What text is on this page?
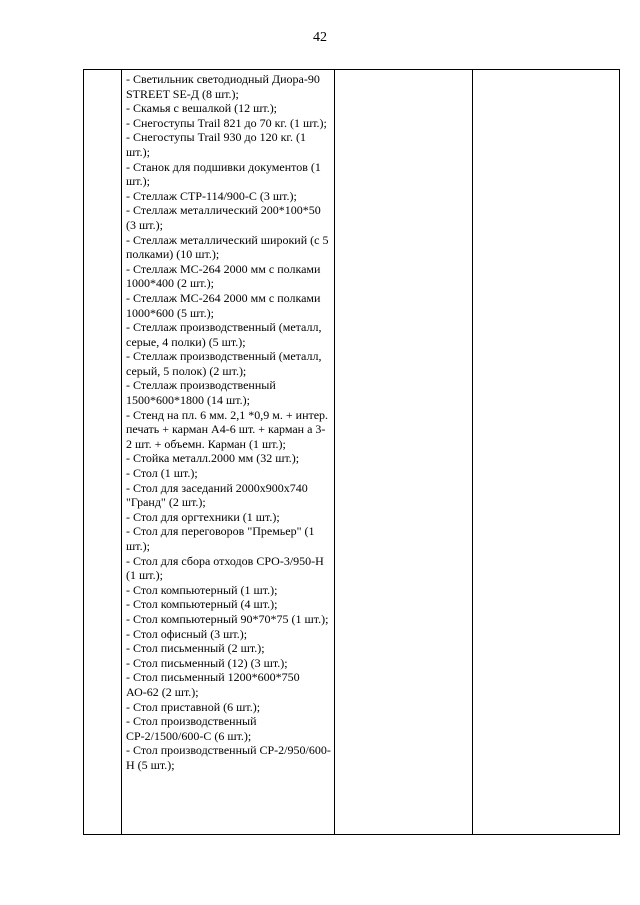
42

- Светильник светодиодный Диора-90 STREET SE-Д (8 шт.);
- Скамья с вешалкой (12 шт.);
- Снегоступы Trail 821 до 70 кг. (1 шт.);
- Снегоступы Trail 930 до 120 кг. (1 шт.);
- Станок для подшивки документов (1 шт.);
- Стеллаж СТР-114/900-С (3 шт.);
- Стеллаж металлический 200*100*50 (3 шт.);
- Стеллаж металлический широкий (с 5 полками) (10 шт.);
- Стеллаж МС-264 2000 мм с полками 1000*400 (2 шт.);
- Стеллаж МС-264 2000 мм с полками 1000*600 (5 шт.);
- Стеллаж производственный (металл, серые, 4 полки) (5 шт.);
- Стеллаж производственный (металл, серый, 5 полок) (2 шт.);
- Стеллаж производственный 1500*600*1800 (14 шт.);
- Стенд на пл. 6 мм. 2,1 *0,9 м. + интер. печать + карман А4-6 шт. + карман а 3-2 шт. + объемн. Карман (1 шт.);
- Стойка металл.2000 мм (32 шт.);
- Стол (1 шт.);
- Стол для заседаний 2000х900х740 "Гранд" (2 шт.);
- Стол для оргтехники (1 шт.);
- Стол для переговоров "Премьер" (1 шт.);
- Стол для сбора отходов СРО-3/950-Н (1 шт.);
- Стол компьютерный (1 шт.);
- Стол компьютерный (4 шт.);
- Стол компьютерный 90*70*75 (1 шт.);
- Стол офисный (3 шт.);
- Стол письменный (2 шт.);
- Стол письменный (12) (3 шт.);
- Стол письменный 1200*600*750 АО-62 (2 шт.);
- Стол приставной (6 шт.);
- Стол производственный СР-2/1500/600-С (6 шт.);
- Стол производственный СР-2/950/600-Н (5 шт.);
